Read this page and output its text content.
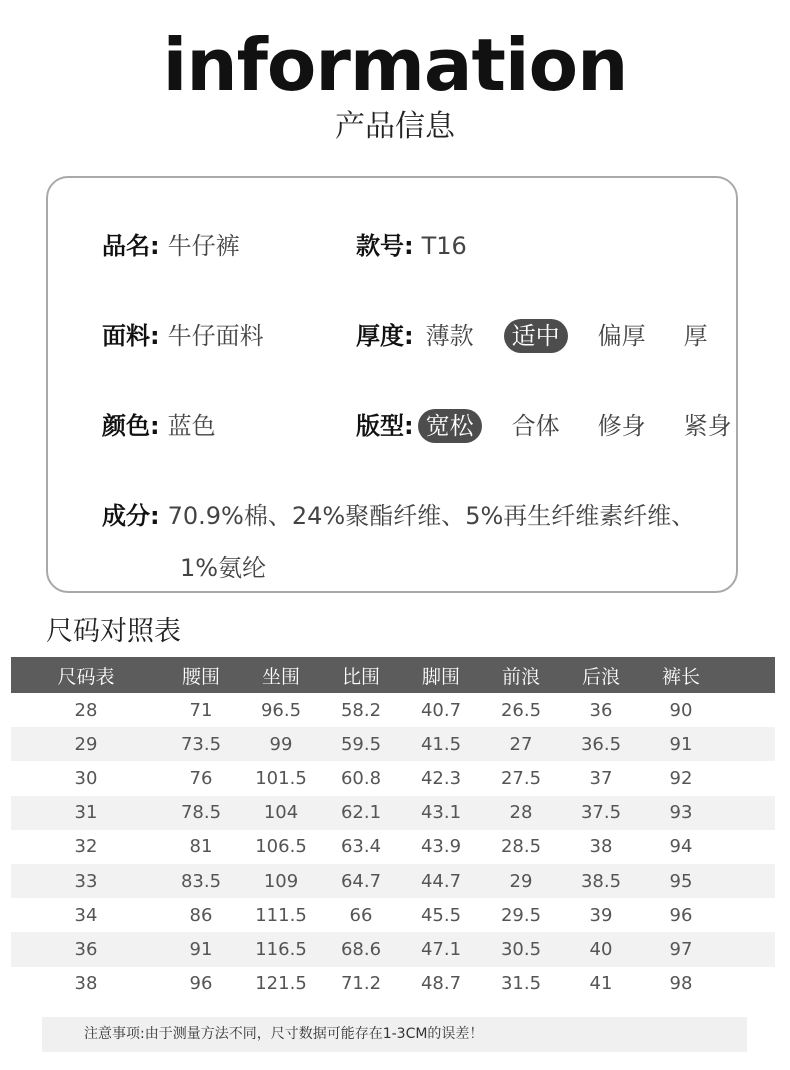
information
产品信息
品名: 牛仔裤	款号: T16
面料: 牛仔面料	厚度: 薄款 适中 偏厚 厚
颜色: 蓝色	版型: 宽松 合体 修身 紧身
成分: 70.9%棉、24%聚酯纤维、5%再生纤维素纤维、
1%氨纶
尺码对照表
尺码表	腰围	坐围	比围	脚围	前浪	后浪	裤长	
28	71	96.5	58.2	40.7	26.5	36	90	
29	73.5	99	59.5	41.5	27	36.5	91	
30	76	101.5	60.8	42.3	27.5	37	92	
31	78.5	104	62.1	43.1	28	37.5	93	
32	81	106.5	63.4	43.9	28.5	38	94	
33	83.5	109	64.7	44.7	29	38.5	95	
34	86	111.5	66	45.5	29.5	39	96	
36	91	116.5	68.6	47.1	30.5	40	97	
38	96	121.5	71.2	48.7	31.5	41	98	
注意事项:由于测量方法不同，尺寸数据可能存在1-3CM的误差！
